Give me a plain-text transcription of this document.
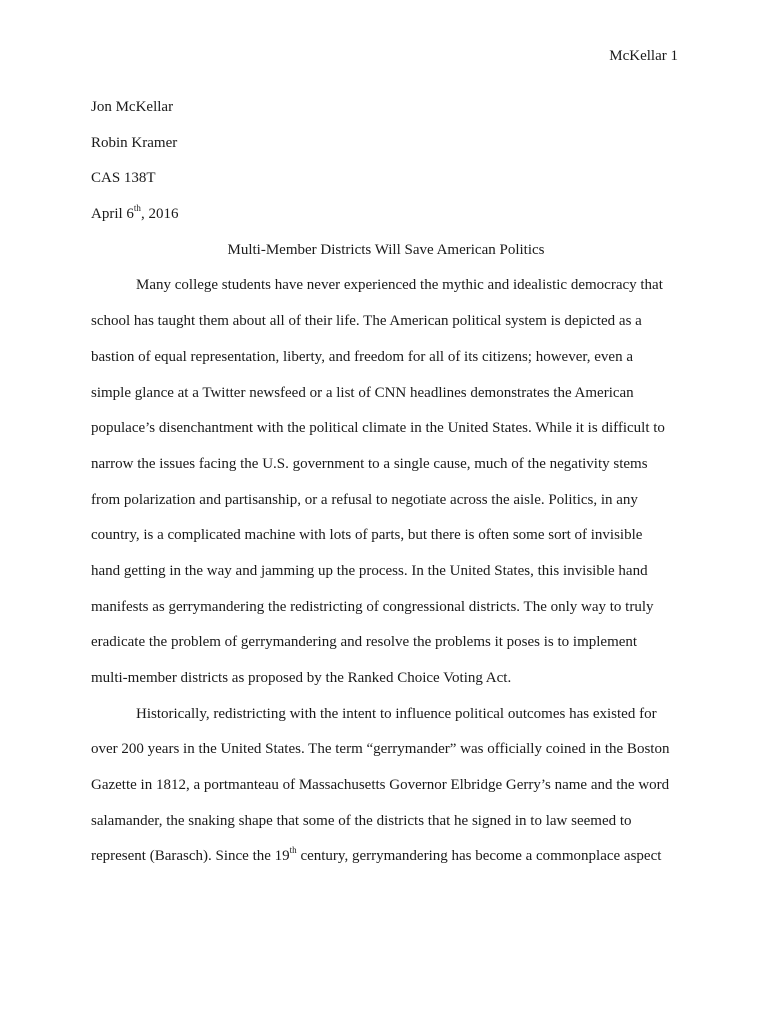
McKellar 1
Jon McKellar
Robin Kramer
CAS 138T
April 6th, 2016
Multi-Member Districts Will Save American Politics
Many college students have never experienced the mythic and idealistic democracy that
school has taught them about all of their life. The American political system is depicted as a
bastion of equal representation, liberty, and freedom for all of its citizens; however, even a
simple glance at a Twitter newsfeed or a list of CNN headlines demonstrates the American
populace’s disenchantment with the political climate in the United States. While it is difficult to
narrow the issues facing the U.S. government to a single cause, much of the negativity stems
from polarization and partisanship, or a refusal to negotiate across the aisle. Politics, in any
country, is a complicated machine with lots of parts, but there is often some sort of invisible
hand getting in the way and jamming up the process. In the United States, this invisible hand
manifests as gerrymandering the redistricting of congressional districts. The only way to truly
eradicate the problem of gerrymandering and resolve the problems it poses is to implement
multi-member districts as proposed by the Ranked Choice Voting Act.
Historically, redistricting with the intent to influence political outcomes has existed for
over 200 years in the United States. The term “gerrymander” was officially coined in the Boston
Gazette in 1812, a portmanteau of Massachusetts Governor Elbridge Gerry’s name and the word
salamander, the snaking shape that some of the districts that he signed in to law seemed to
represent (Barasch). Since the 19th century, gerrymandering has become a commonplace aspect
